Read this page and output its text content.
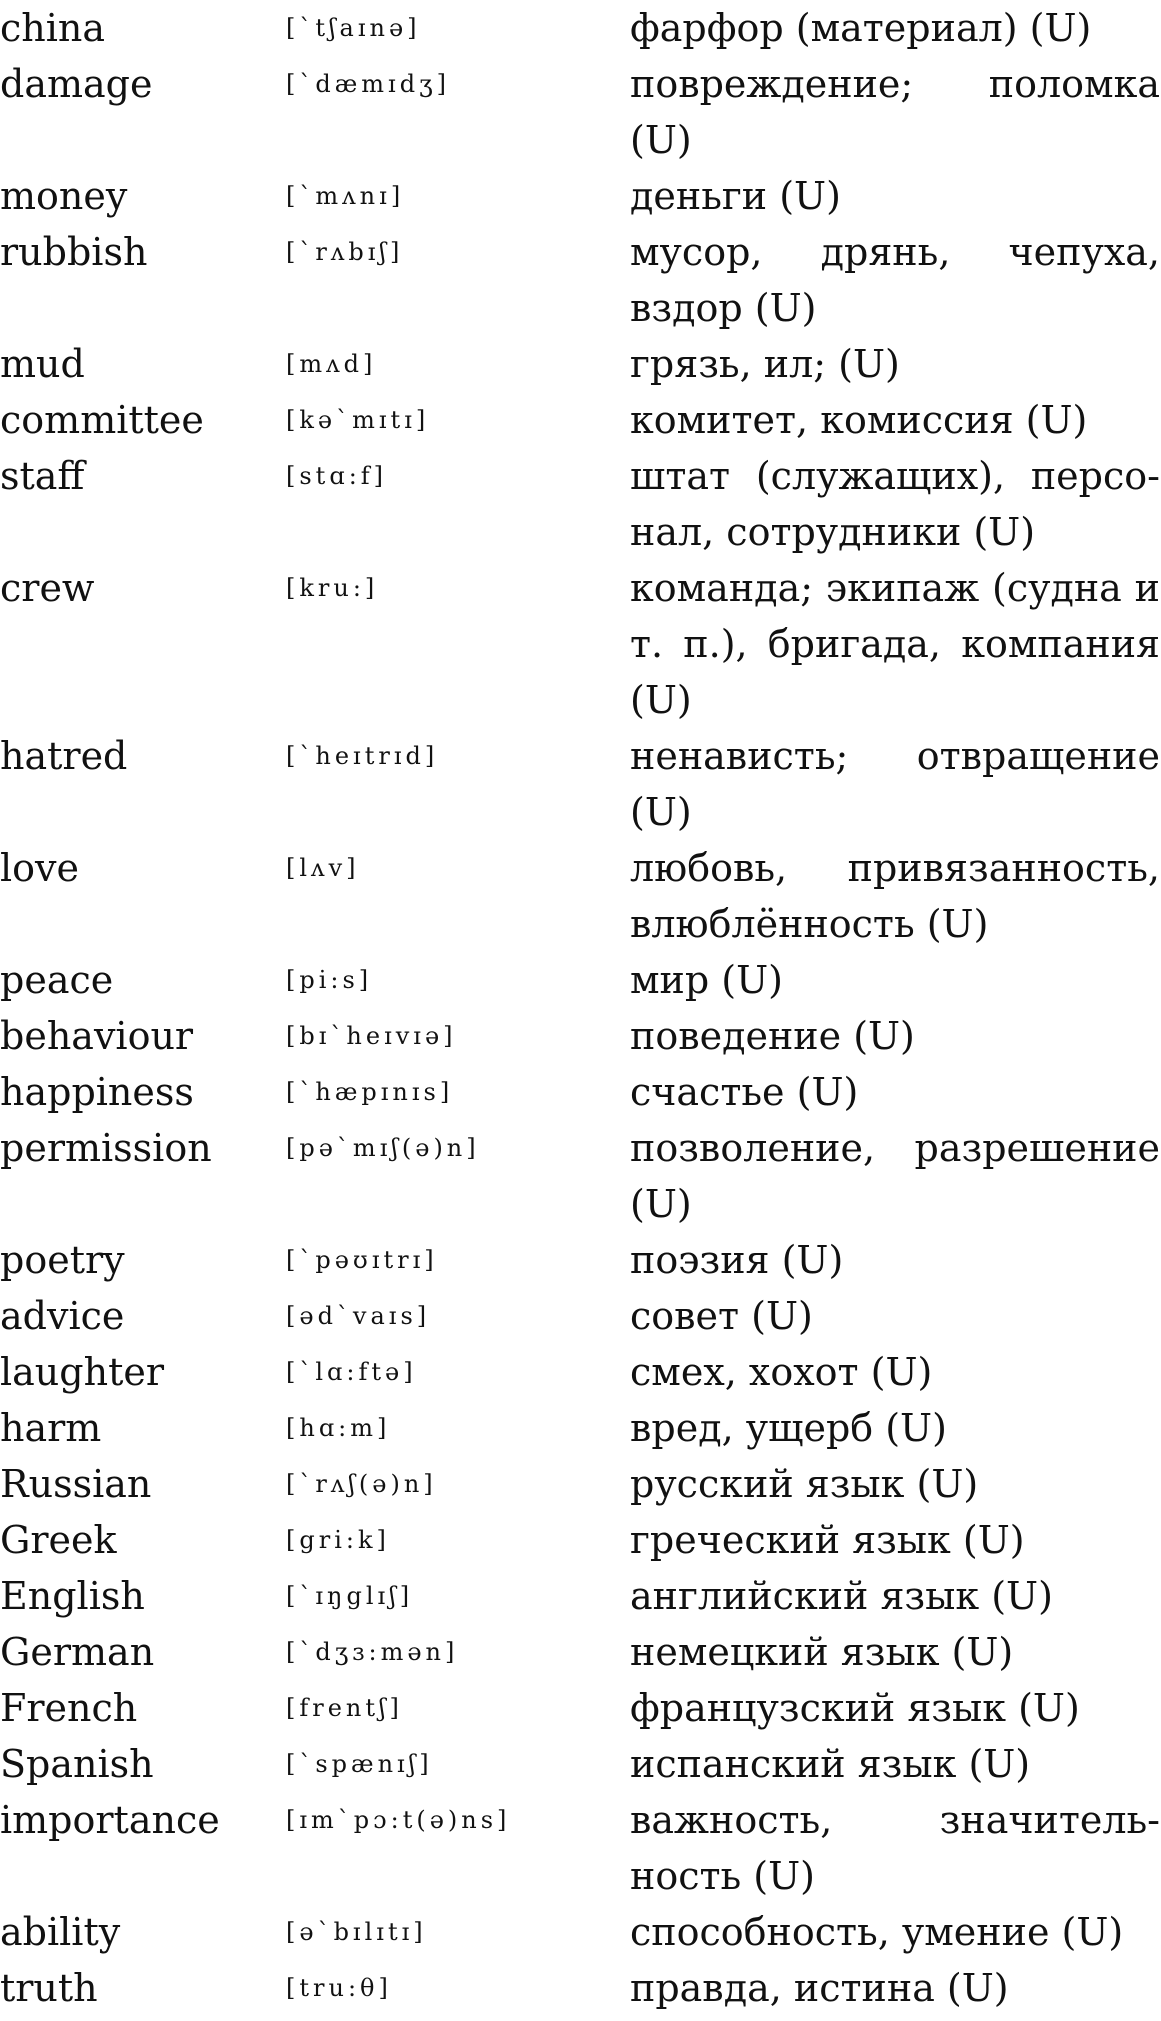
china	[`tʃaɪnə]	фарфор (материал) (U)
damage	[`dæmɪdʒ]	повреждение; поломка (U)
money	[`mʌnɪ]	деньги (U)
rubbish	[`rʌbɪʃ]	мусор, дрянь, чепуха, вздор (U)
mud	[mʌd]	грязь, ил; (U)
committee	[kə`mɪtɪ]	комитет, комиссия (U)
staff	[stɑ:f]	штат (служащих), персонал, сотрудники (U)
crew	[kru:]	команда; экипаж (судна и т. п.), бригада, компания (U)
hatred	[`heɪtrɪd]	ненависть; отвращение (U)
love	[lʌv]	любовь, привязанность, влюблённость (U)
peace	[pi:s]	мир (U)
behaviour	[bɪ`heɪvɪə]	поведение (U)
happiness	[`hæpɪnɪs]	счастье (U)
permission	[pə`mɪʃ(ə)n]	позволение, разрешение (U)
poetry	[`pəʊɪtrɪ]	поэзия (U)
advice	[əd`vaɪs]	совет (U)
laughter	[`lɑ:ftə]	смех, хохот (U)
harm	[hɑ:m]	вред, ущерб (U)
Russian	[`rʌʃ(ə)n]	русский язык (U)
Greek	[gri:k]	греческий язык (U)
English	[`ɪŋglɪʃ]	английский язык (U)
German	[`dʒɜ:mən]	немецкий язык (U)
French	[frentʃ]	французский язык (U)
Spanish	[`spænɪʃ]	испанский язык (U)
importance	[ɪm`pɔ:t(ə)ns]	важность, значительность (U)
ability	[ə`bɪlɪtɪ]	способность, умение (U)
truth	[tru:θ]	правда, истина (U)
